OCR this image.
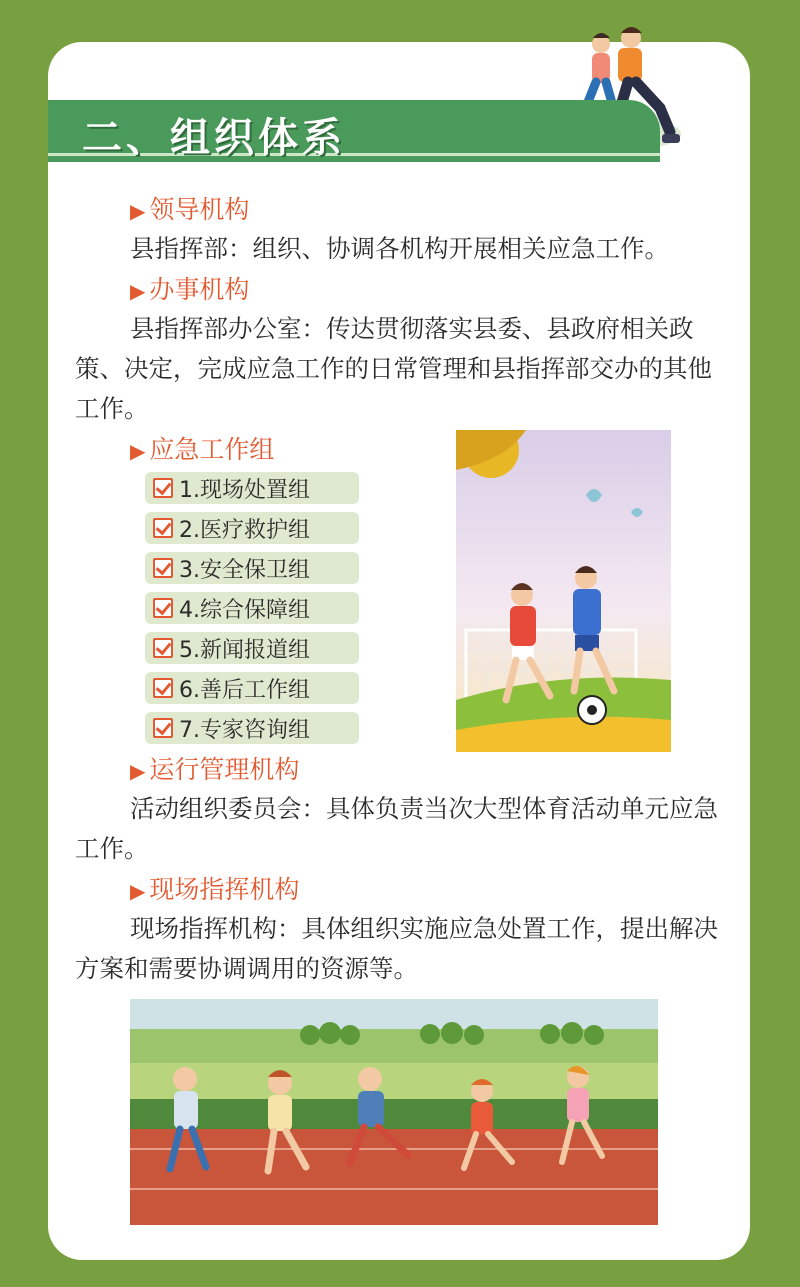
二、组织体系
▶ 领导机构
县指挥部：组织、协调各机构开展相关应急工作。
▶ 办事机构
县指挥部办公室：传达贯彻落实县委、县政府相关政策、决定，完成应急工作的日常管理和县指挥部交办的其他工作。
▶ 应急工作组
1.现场处置组
2.医疗救护组
3.安全保卫组
4.综合保障组
5.新闻报道组
6.善后工作组
7.专家咨询组
▶ 运行管理机构
活动组织委员会：具体负责当次大型体育活动单元应急工作。
▶ 现场指挥机构
现场指挥机构：具体组织实施应急处置工作，提出解决方案和需要协调调用的资源等。
